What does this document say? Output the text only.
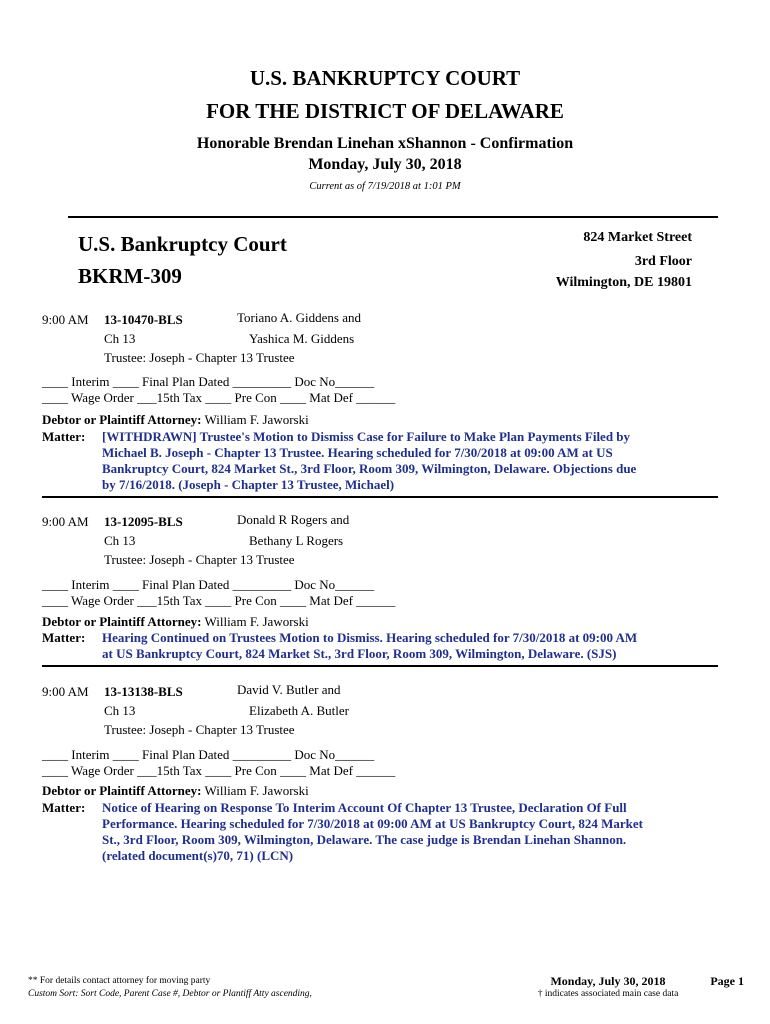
U.S. BANKRUPTCY COURT
FOR THE DISTRICT OF DELAWARE
Honorable Brendan Linehan xShannon - Confirmation
Monday, July 30, 2018
Current as of 7/19/2018 at 1:01 PM
U.S. Bankruptcy Court
BKRM-309
824 Market Street
3rd Floor
Wilmington, DE 19801
9:00 AM 13-10470-BLS	Toriano A. Giddens and
Ch 13	Yashica M. Giddens
Trustee: Joseph - Chapter 13 Trustee
____ Interim ____ Final Plan Dated _________ Doc No______
____ Wage Order ___15th Tax ____ Pre Con ____ Mat Def ______
Debtor or Plaintiff Attorney: William F. Jaworski
Matter: [WITHDRAWN] Trustee's Motion to Dismiss Case for Failure to Make Plan Payments Filed by
Michael B. Joseph - Chapter 13 Trustee. Hearing scheduled for 7/30/2018 at 09:00 AM at US
Bankruptcy Court, 824 Market St., 3rd Floor, Room 309, Wilmington, Delaware. Objections due
by 7/16/2018. (Joseph - Chapter 13 Trustee, Michael)
9:00 AM 13-12095-BLS	Donald R Rogers and
Ch 13	Bethany L Rogers
Trustee: Joseph - Chapter 13 Trustee
____ Interim ____ Final Plan Dated _________ Doc No______
____ Wage Order ___15th Tax ____ Pre Con ____ Mat Def ______
Debtor or Plaintiff Attorney: William F. Jaworski
Matter: Hearing Continued on Trustees Motion to Dismiss. Hearing scheduled for 7/30/2018 at 09:00 AM
at US Bankruptcy Court, 824 Market St., 3rd Floor, Room 309, Wilmington, Delaware. (SJS)
9:00 AM 13-13138-BLS	David V. Butler and
Ch 13	Elizabeth A. Butler
Trustee: Joseph - Chapter 13 Trustee
____ Interim ____ Final Plan Dated _________ Doc No______
____ Wage Order ___15th Tax ____ Pre Con ____ Mat Def ______
Debtor or Plaintiff Attorney: William F. Jaworski
Matter: Notice of Hearing on Response To Interim Account Of Chapter 13 Trustee, Declaration Of Full
Performance. Hearing scheduled for 7/30/2018 at 09:00 AM at US Bankruptcy Court, 824 Market
St., 3rd Floor, Room 309, Wilmington, Delaware. The case judge is Brendan Linehan Shannon.
(related document(s)70, 71) (LCN)
** For details contact attorney for moving party
Custom Sort: Sort Code, Parent Case #, Debtor or Plantiff Atty ascending,
Monday, July 30, 2018
† indicates associated main case data
Page 1
